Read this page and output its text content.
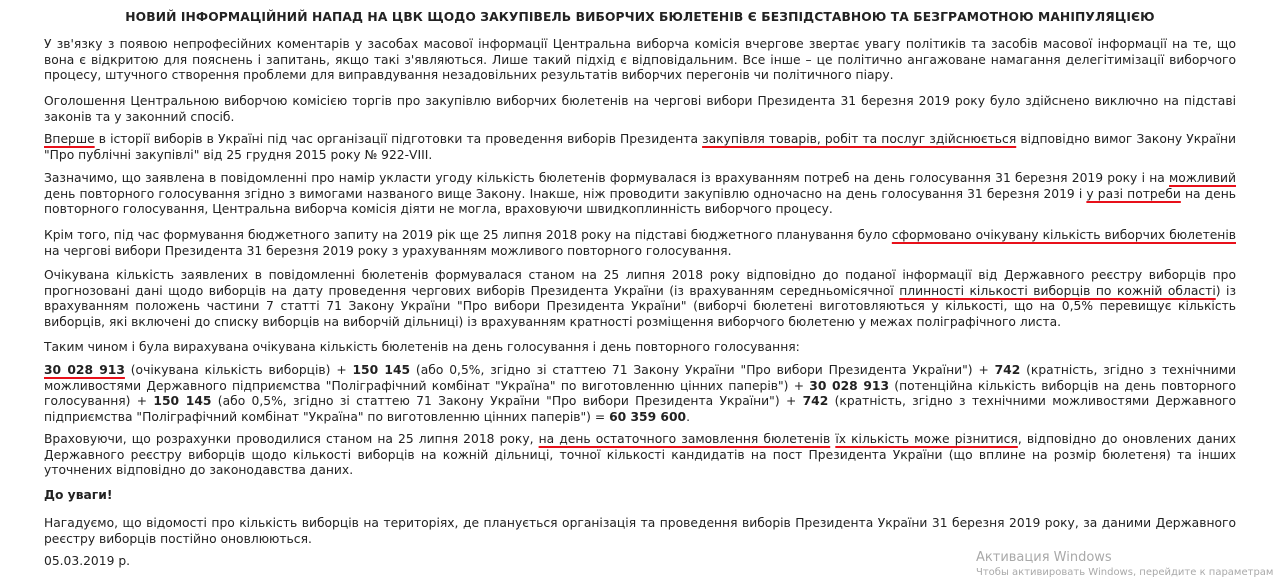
НОВИЙ ІНФОРМАЦІЙНИЙ НАПАД НА ЦВК ЩОДО ЗАКУПІВЕЛЬ ВИБОРЧИХ БЮЛЕТЕНІВ Є БЕЗПІДСТАВНОЮ ТА БЕЗГРАМОТНОЮ МАНІПУЛЯЦІЄЮ

У зв'язку з появою непрофесійних коментарів у засобах масової інформації Центральна виборча комісія вчергове звертає увагу політиків та засобів масової інформації на те, що вона є відкритою для пояснень і запитань, якщо такі з'являються. Лише такий підхід є відповідальним. Все інше – це політично ангажоване намагання делегітимізації виборчого процесу, штучного створення проблеми для виправдування незадовільних результатів виборчих перегонів чи політичного піару.

Оголошення Центральною виборчою комісією торгів про закупівлю виборчих бюлетенів на чергові вибори Президента 31 березня 2019 року було здійснено виключно на підставі законів та у законний спосіб.

Вперше в історії виборів в Україні під час організації підготовки та проведення виборів Президента закупівля товарів, робіт та послуг здійснюється відповідно вимог Закону України "Про публічні закупівлі" від 25 грудня 2015 року № 922-VIII.

Зазначимо, що заявлена в повідомленні про намір укласти угоду кількість бюлетенів формувалася із врахуванням потреб на день голосування 31 березня 2019 року і на можливий день повторного голосування згідно з вимогами названого вище Закону. Інакше, ніж проводити закупівлю одночасно на день голосування 31 березня 2019 і у разі потреби на день повторного голосування, Центральна виборча комісія діяти не могла, враховуючи швидкоплинність виборчого процесу.

Крім того, під час формування бюджетного запиту на 2019 рік ще 25 липня 2018 року на підставі бюджетного планування було сформовано очікувану кількість виборчих бюлетенів на чергові вибори Президента 31 березня 2019 року з урахуванням можливого повторного голосування.

Очікувана кількість заявлених в повідомленні бюлетенів формувалася станом на 25 липня 2018 року відповідно до поданої інформації від Державного реєстру виборців про прогнозовані дані щодо виборців на дату проведення чергових виборів Президента України (із врахуванням середньомісячної плинності кількості виборців по кожній області) із врахуванням положень частини 7 статті 71 Закону України "Про вибори Президента України" (виборчі бюлетені виготовляються у кількості, що на 0,5% перевищує кількість виборців, які включені до списку виборців на виборчій дільниці) із врахуванням кратності розміщення виборчого бюлетеню у межах поліграфічного листа.

Таким чином і була вирахувана очікувана кількість бюлетенів на день голосування і день повторного голосування:

30 028 913 (очікувана кількість виборців) + 150 145 (або 0,5%, згідно зі статтею 71 Закону України "Про вибори Президента України") + 742 (кратність, згідно з технічними можливостями Державного підприємства "Поліграфічний комбінат "Україна" по виготовленню цінних паперів") + 30 028 913 (потенційна кількість виборців на день повторного голосування) + 150 145 (або 0,5%, згідно зі статтею 71 Закону України "Про вибори Президента України") + 742 (кратність, згідно з технічними можливостями Державного підприємства "Поліграфічний комбінат "Україна" по виготовленню цінних паперів") = 60 359 600.

Враховуючи, що розрахунки проводилися станом на 25 липня 2018 року, на день остаточного замовлення бюлетенів їх кількість може різнитися, відповідно до оновлених даних Державного реєстру виборців щодо кількості виборців на кожній дільниці, точної кількості кандидатів на пост Президента України (що вплине на розмір бюлетеня) та інших уточнених відповідно до законодавства даних.

До уваги!

Нагадуємо, що відомості про кількість виборців на територіях, де планується організація та проведення виборів Президента України 31 березня 2019 року, за даними Державного реєстру виборців постійно оновлюються.

05.03.2019 р.	Активация Windows
Чтобы активировать Windows, перейдите к параметрам
